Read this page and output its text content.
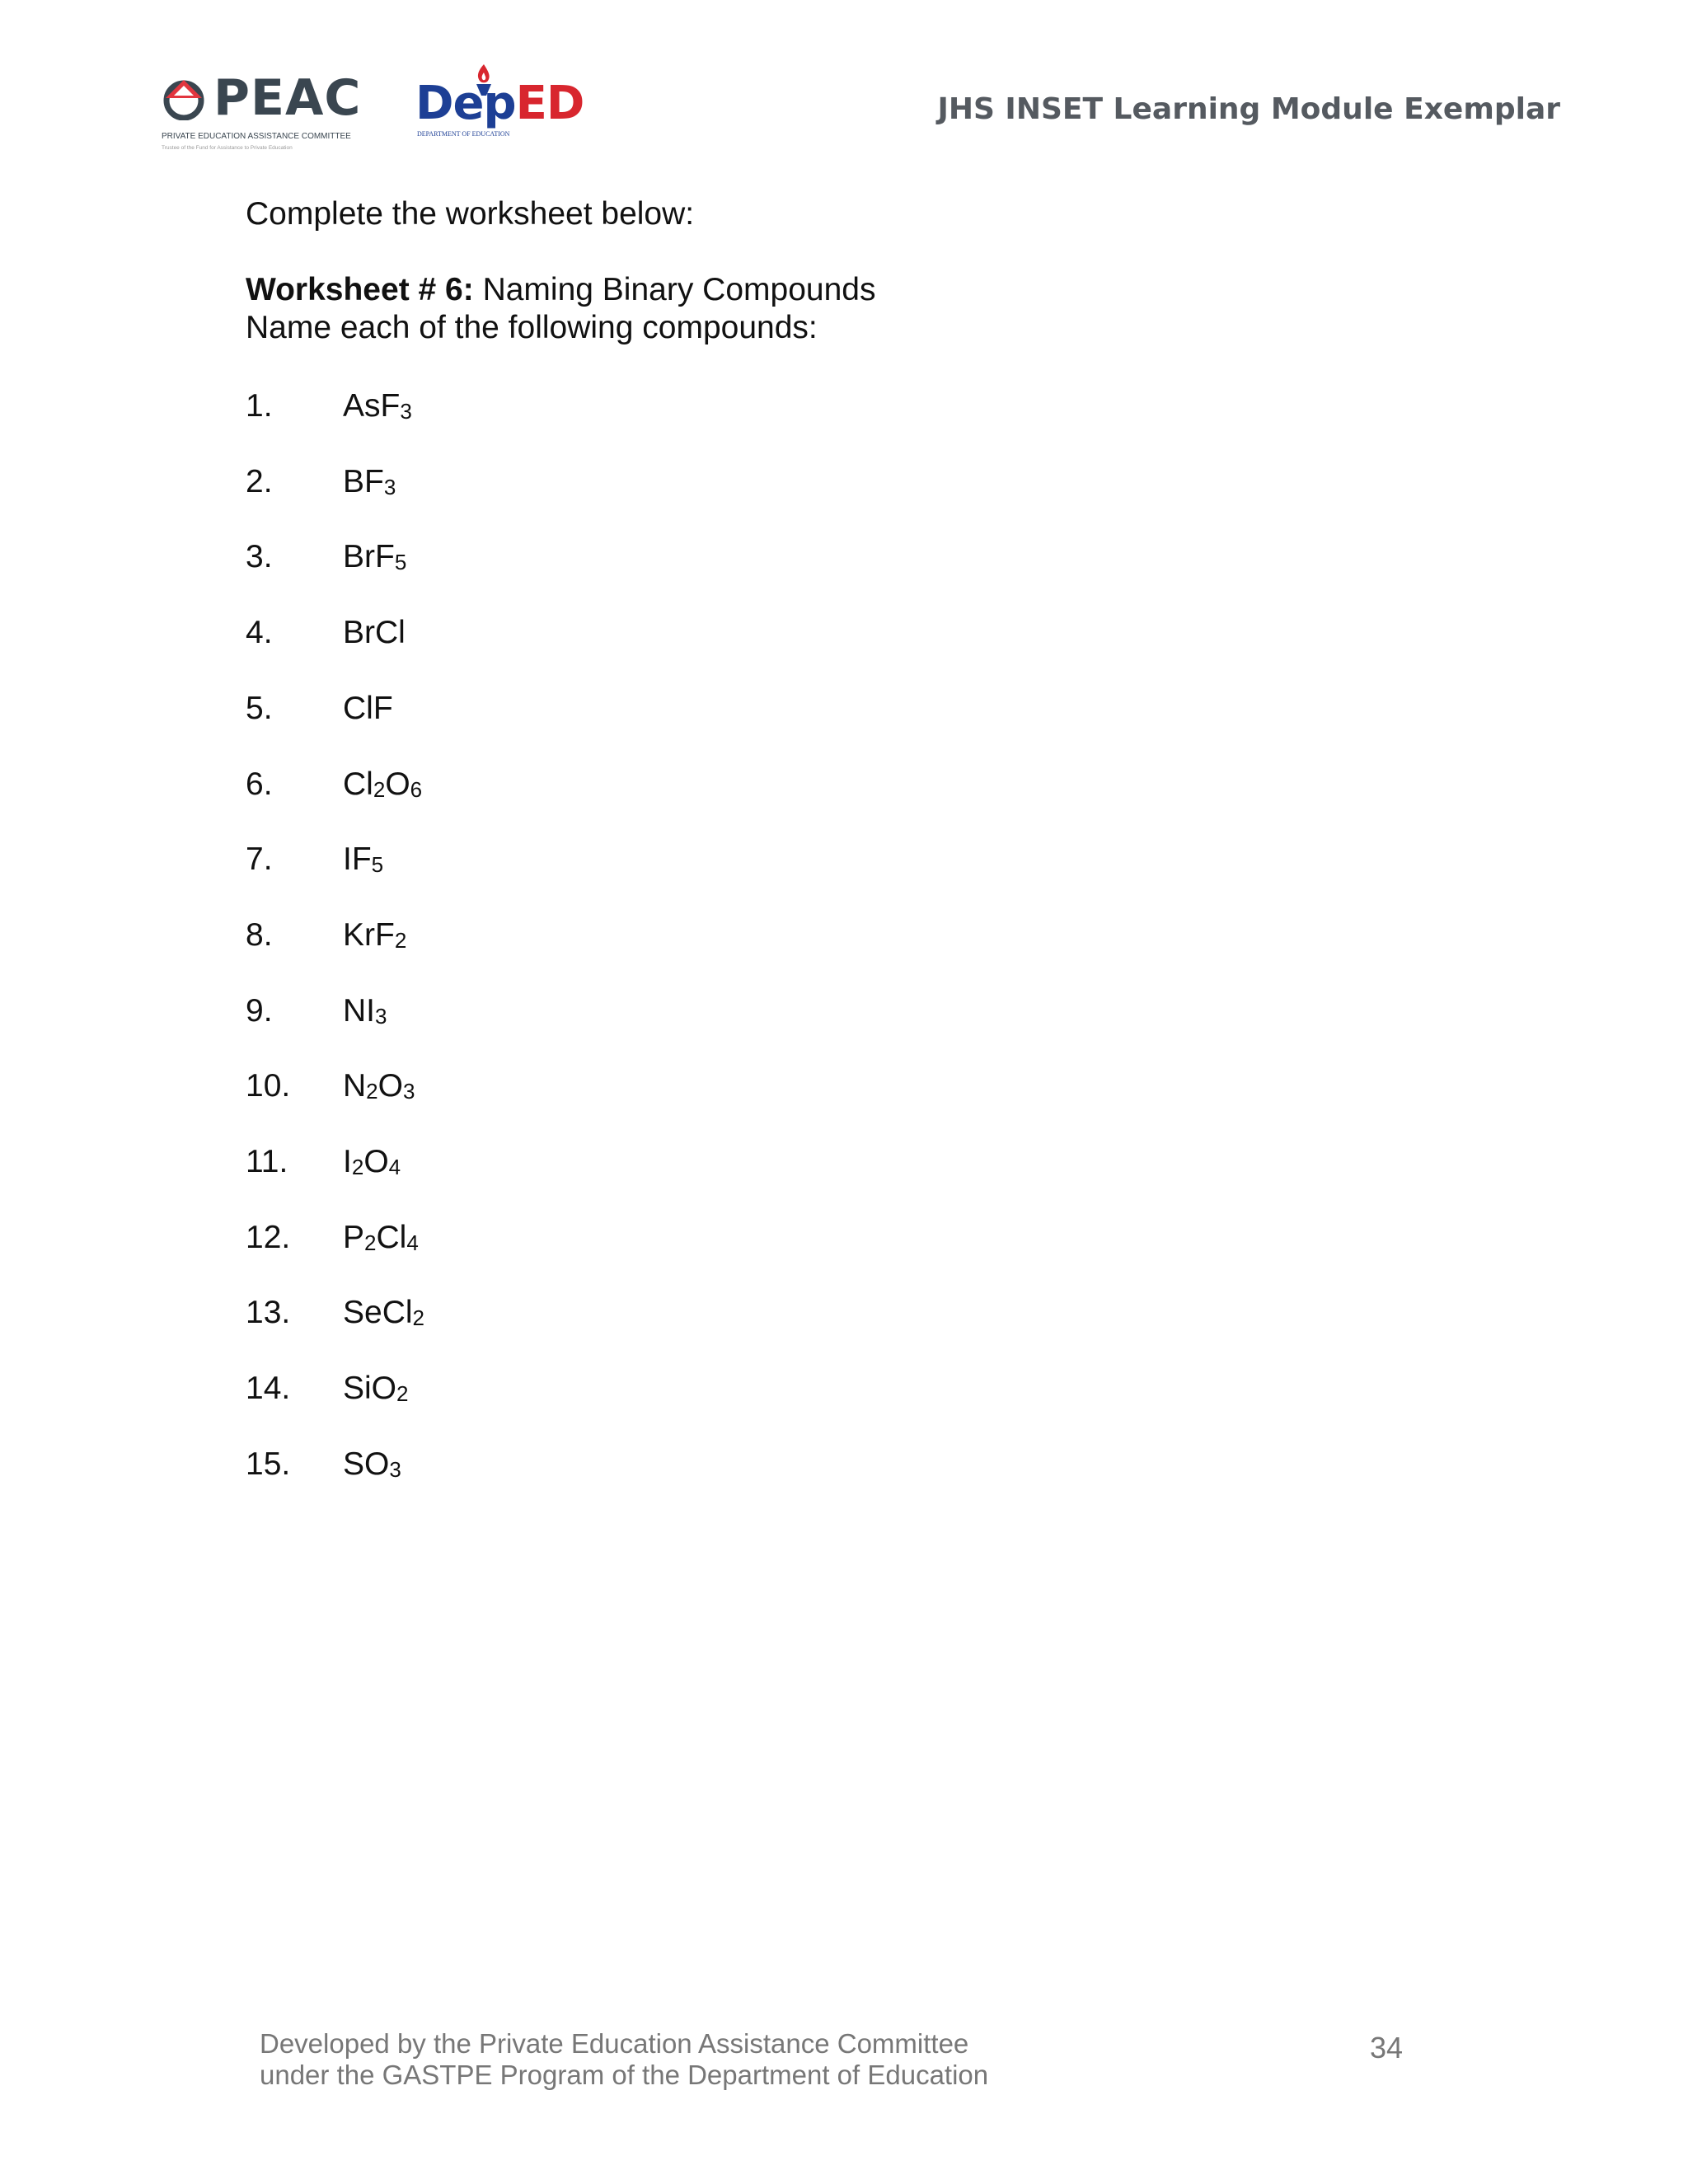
PEAC
PRIVATE EDUCATION ASSISTANCE COMMITTEE
Trustee of the Fund for Assistance to Private Education
DepED
DEPARTMENT OF EDUCATION
JHS INSET Learning Module Exemplar
Complete the worksheet below:
Worksheet # 6: Naming Binary Compounds
Name each of the following compounds:
1. AsF$_3$
2. $BF_3$
3. BrF$_5$
4. BrCl
5. ClF
6. $Cl_2O_6$
7. $IF_5$
8. KrF$_2$
9. $NI_3$
10. $N_2O_3$
11. $I_2O_4$
12. $P_2Cl_4$
13. SeCl$_2$
14. SiO$_2$
15. $SO_3$
Developed by the Private Education Assistance Committee
under the GASTPE Program of the Department of Education
34
